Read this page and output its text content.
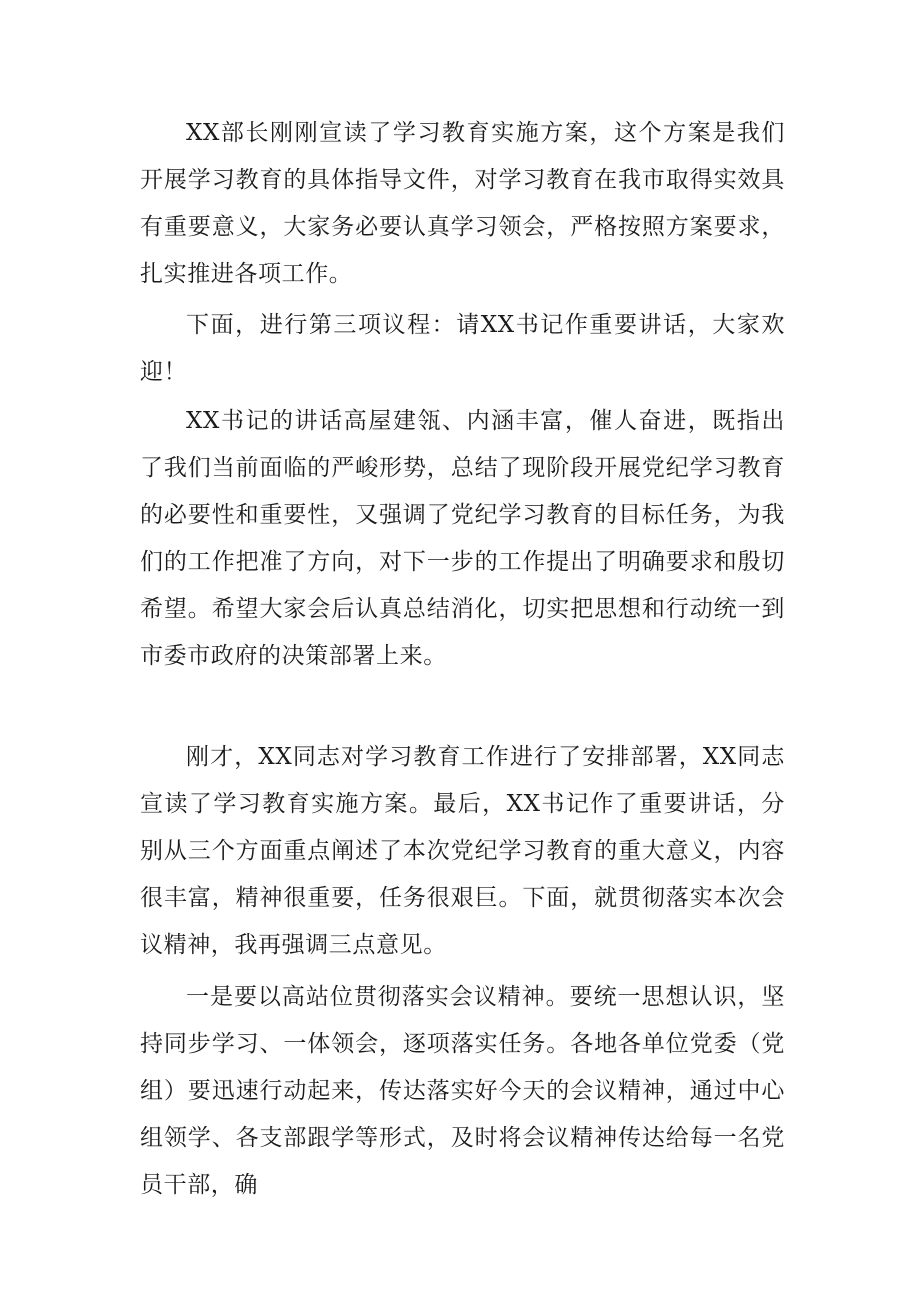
XX部长刚刚宣读了学习教育实施方案，这个方案是我们开展学习教育的具体指导文件，对学习教育在我市取得实效具有重要意义，大家务必要认真学习领会，严格按照方案要求，扎实推进各项工作。

下面，进行第三项议程：请XX书记作重要讲话，大家欢迎！

XX书记的讲话高屋建瓴、内涵丰富，催人奋进，既指出了我们当前面临的严峻形势，总结了现阶段开展党纪学习教育的必要性和重要性，又强调了党纪学习教育的目标任务，为我们的工作把准了方向，对下一步的工作提出了明确要求和殷切希望。希望大家会后认真总结消化，切实把思想和行动统一到市委市政府的决策部署上来。

刚才，XX同志对学习教育工作进行了安排部署，XX同志宣读了学习教育实施方案。最后，XX书记作了重要讲话，分别从三个方面重点阐述了本次党纪学习教育的重大意义，内容很丰富，精神很重要，任务很艰巨。下面，就贯彻落实本次会议精神，我再强调三点意见。

一是要以高站位贯彻落实会议精神。要统一思想认识，坚持同步学习、一体领会，逐项落实任务。各地各单位党委（党组）要迅速行动起来，传达落实好今天的会议精神，通过中心组领学、各支部跟学等形式，及时将会议精神传达给每一名党员干部，确
